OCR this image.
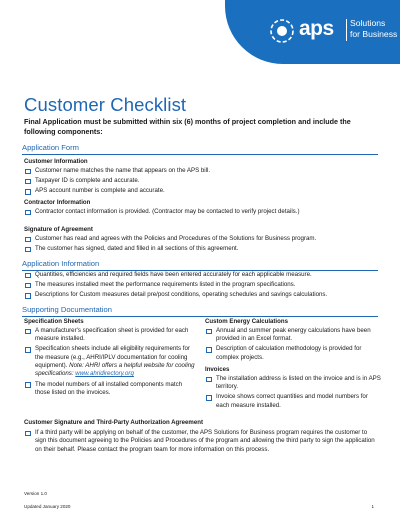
aps Solutions
for Business
Customer Checklist
Final Application must be submitted within six (6) months of project completion and include the following components:
Application Form
Customer Information
Customer name matches the name that appears on the APS bill.
Taxpayer ID is complete and accurate.
APS account number is complete and accurate.
Contractor Information
Contractor contact information is provided. (Contractor may be contacted to verify project details.)
Signature of Agreement
Customer has read and agrees with the Policies and Procedures of the Solutions for Business program.
The customer has signed, dated and filled in all sections of this agreement.
Application Information
Quantities, efficiencies and required fields have been entered accurately for each applicable measure.
The measures installed meet the performance requirements listed in the program specifications.
Descriptions for Custom measures detail pre/post conditions, operating schedules and savings calculations.
Supporting Documentation
Specification Sheets
A manufacturer's specification sheet is provided for each measure installed.
Specification sheets include all eligibility requirements for the measure (e.g., AHRI/IPLV documentation for cooling equipment). Note: AHRI offers a helpful website for cooling specifications: www.ahridirectory.org
The model numbers of all installed components match those listed on the invoices.
Custom Energy Calculations
Annual and summer peak energy calculations have been provided in an Excel format.
Description of calculation methodology is provided for complex projects.
Invoices
The installation address is listed on the invoice and is in APS territory.
Invoice shows correct quantities and model numbers for each measure installed.
Customer Signature and Third-Party Authorization Agreement
If a third party will be applying on behalf of the customer, the APS Solutions for Business program requires the customer to sign this document agreeing to the Policies and Procedures of the program and allowing the third party to sign the application on their behalf. Please contact the program team for more information on this process.
Version 1.0
Updated January 2020	1
